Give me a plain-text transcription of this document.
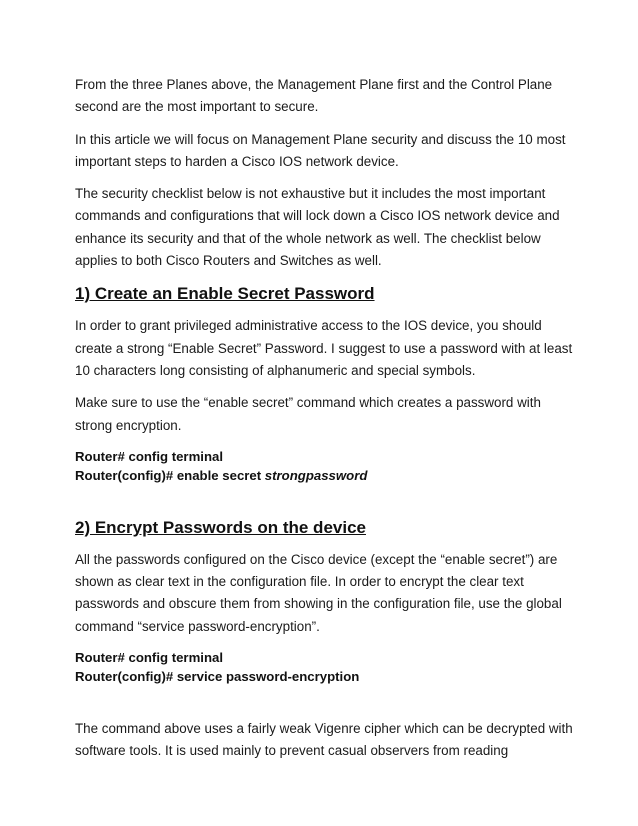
From the three Planes above, the Management Plane first and the Control Plane second are the most important to secure.

In this article we will focus on Management Plane security and discuss the 10 most important steps to harden a Cisco IOS network device.

The security checklist below is not exhaustive but it includes the most important commands and configurations that will lock down a Cisco IOS network device and enhance its security and that of the whole network as well. The checklist below applies to both Cisco Routers and Switches as well.

1) Create an Enable Secret Password

In order to grant privileged administrative access to the IOS device, you should create a strong “Enable Secret” Password. I suggest to use a password with at least 10 characters long consisting of alphanumeric and special symbols.

Make sure to use the “enable secret” command which creates a password with strong encryption.

Router# config terminal
Router(config)# enable secret strongpassword
2) Encrypt Passwords on the device

All the passwords configured on the Cisco device (except the “enable secret”) are shown as clear text in the configuration file. In order to encrypt the clear text passwords and obscure them from showing in the configuration file, use the global command “service password-encryption”.

Router# config terminal
Router(config)# service password-encryption

The command above uses a fairly weak Vigenre cipher which can be decrypted with software tools. It is used mainly to prevent casual observers from reading
